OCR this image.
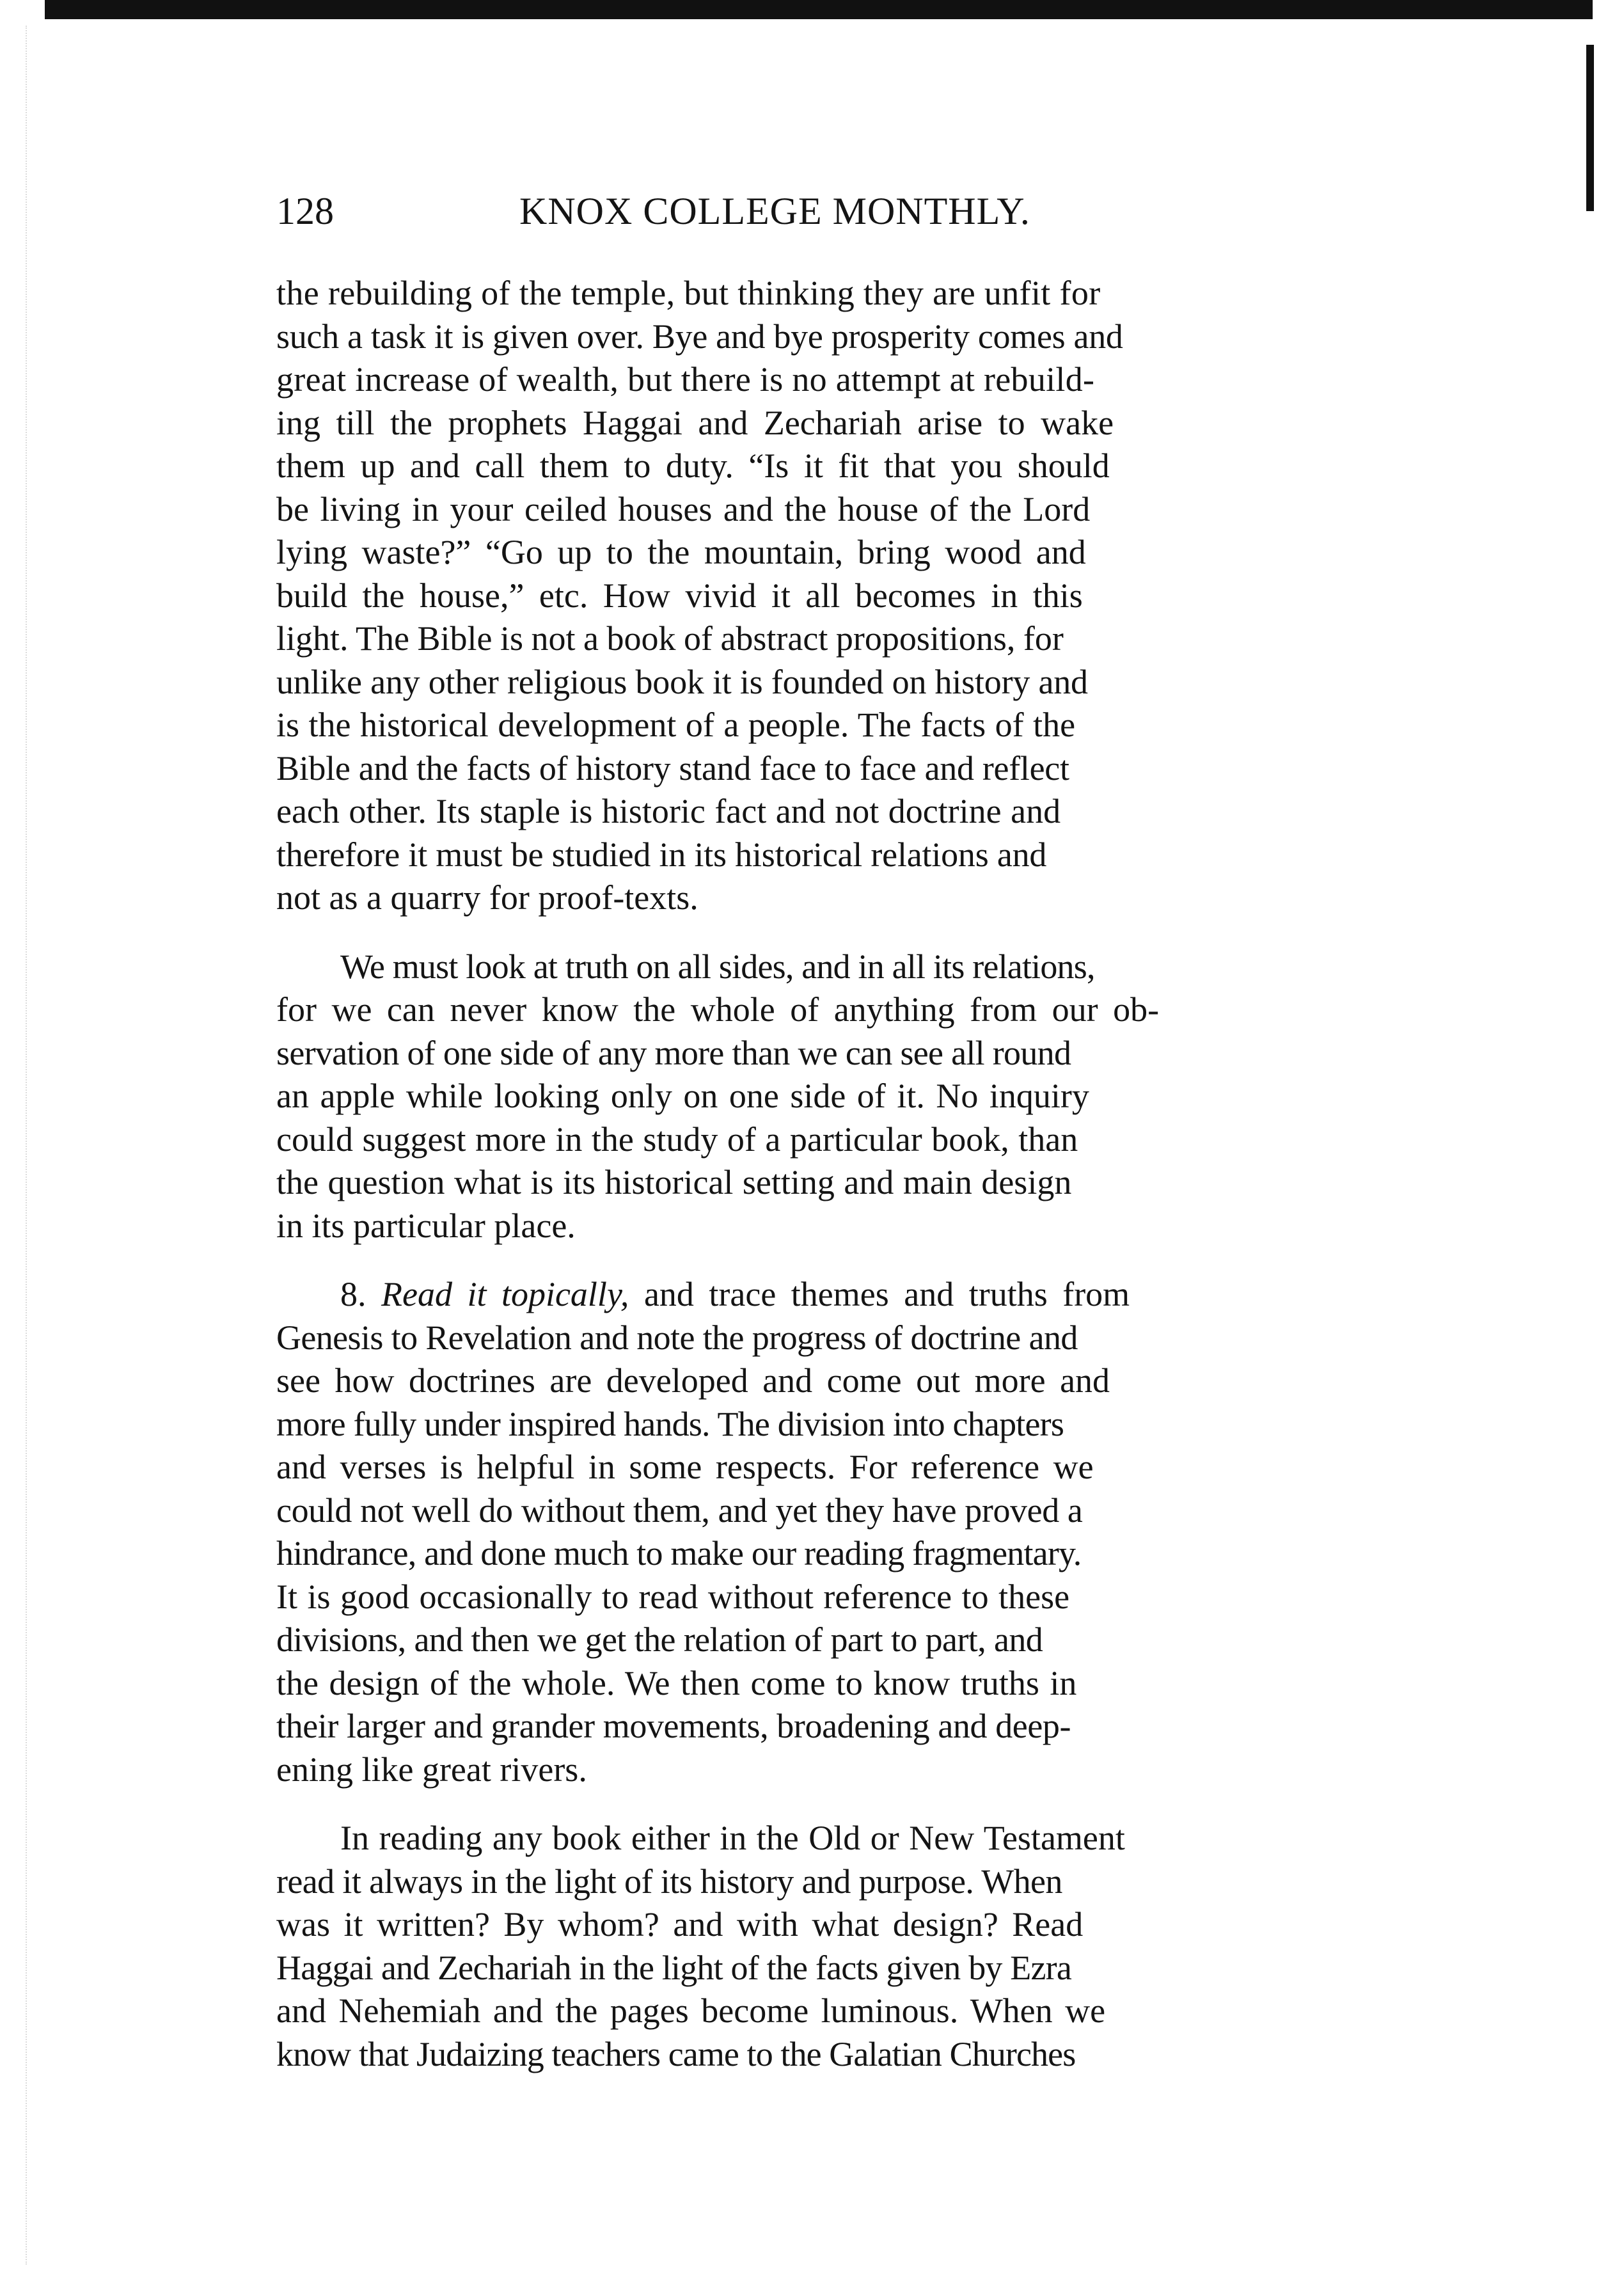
128	KNOX COLLEGE MONTHLY.
the rebuilding of the temple, but thinking they are unfit for
such a task it is given over. Bye and bye prosperity comes and
great increase of wealth, but there is no attempt at rebuild-
ing till the prophets Haggai and Zechariah arise to wake
them up and call them to duty. “Is it fit that you should
be living in your ceiled houses and the house of the Lord
lying waste?” “Go up to the mountain, bring wood and
build the house,” etc. How vivid it all becomes in this
light. The Bible is not a book of abstract propositions, for
unlike any other religious book it is founded on history and
is the historical development of a people. The facts of the
Bible and the facts of history stand face to face and reflect
each other. Its staple is historic fact and not doctrine and
therefore it must be studied in its historical relations and
not as a quarry for proof-texts.
We must look at truth on all sides, and in all its relations,
for we can never know the whole of anything from our ob-
servation of one side of any more than we can see all round
an apple while looking only on one side of it. No inquiry
could suggest more in the study of a particular book, than
the question what is its historical setting and main design
in its particular place.
8. Read it topically, and trace themes and truths from
Genesis to Revelation and note the progress of doctrine and
see how doctrines are developed and come out more and
more fully under inspired hands. The division into chapters
and verses is helpful in some respects. For reference we
could not well do without them, and yet they have proved a
hindrance, and done much to make our reading fragmentary.
It is good occasionally to read without reference to these
divisions, and then we get the relation of part to part, and
the design of the whole. We then come to know truths in
their larger and grander movements, broadening and deep-
ening like great rivers.
In reading any book either in the Old or New Testament
read it always in the light of its history and purpose. When
was it written? By whom? and with what design? Read
Haggai and Zechariah in the light of the facts given by Ezra
and Nehemiah and the pages become luminous. When we
know that Judaizing teachers came to the Galatian Churches
